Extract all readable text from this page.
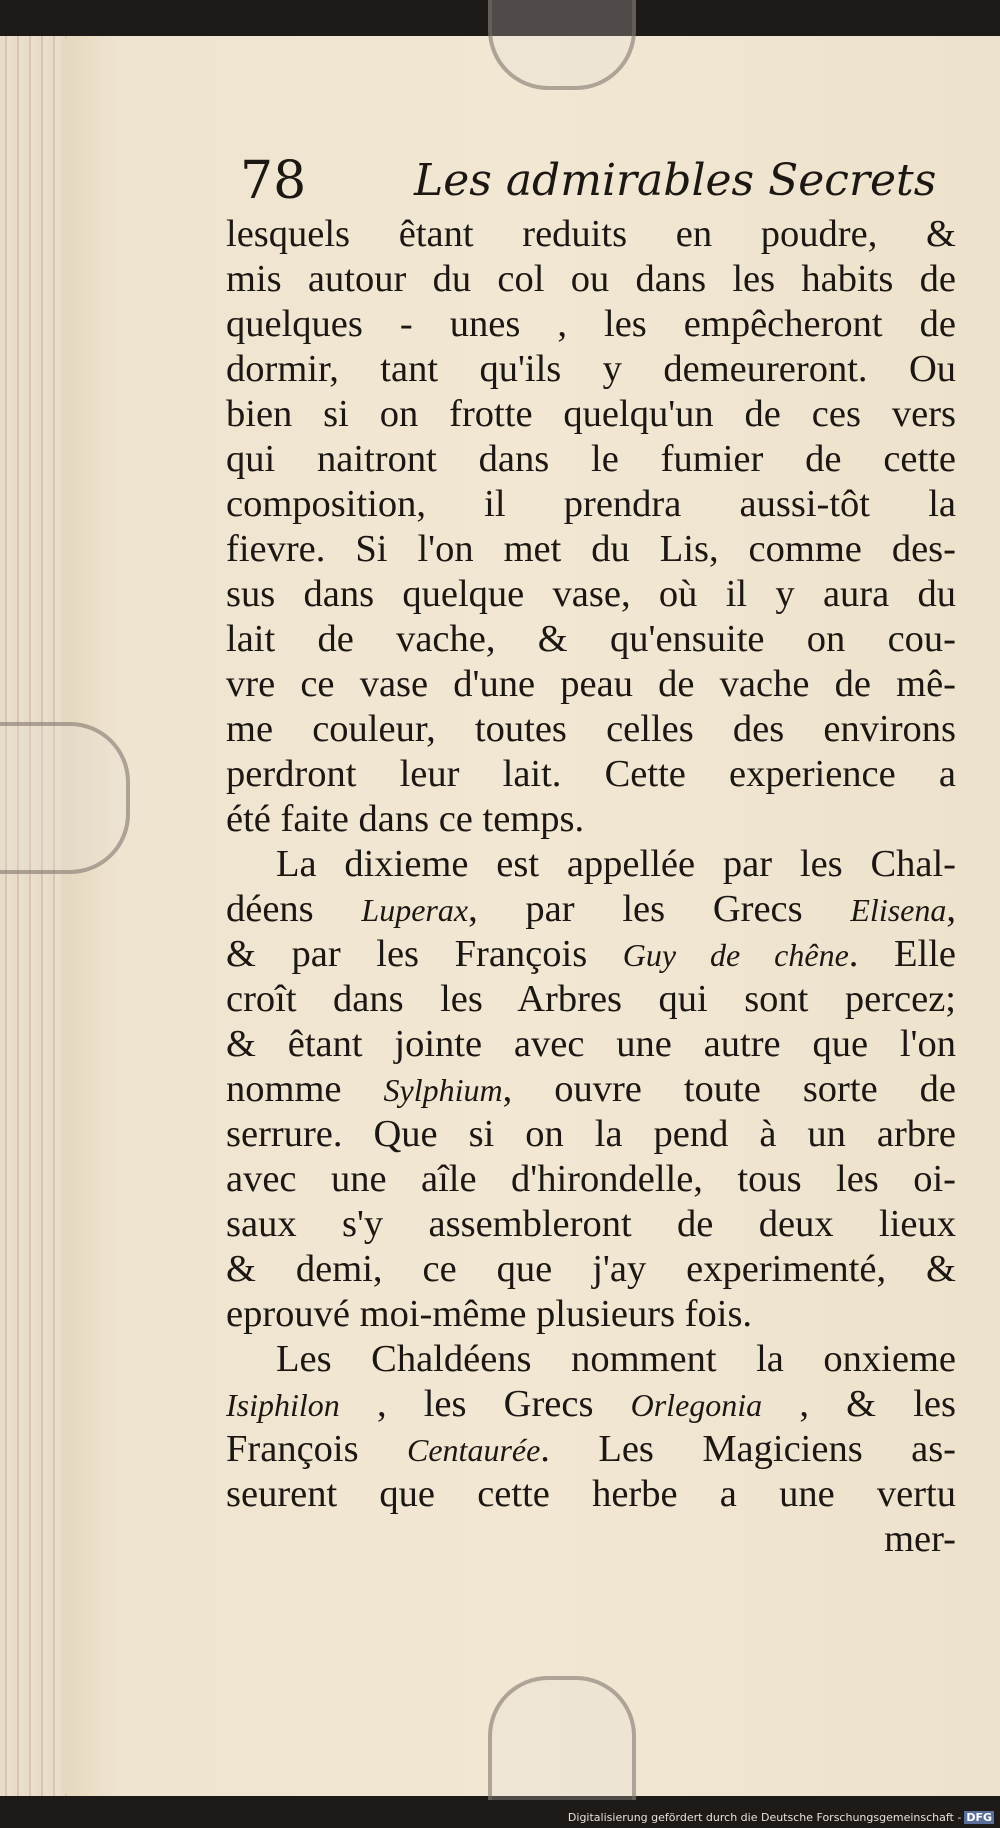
78 Les admirables Secrets
lesquels êtant reduits en poudre, &
mis autour du col ou dans les habits de
quelques - unes , les empêcheront de
dormir, tant qu'ils y demeureront. Ou
bien si on frotte quelqu'un de ces vers
qui naitront dans le fumier de cette
composition, il prendra aussi-tôt la
fievre. Si l'on met du Lis, comme des-
sus dans quelque vase, où il y aura du
lait de vache, & qu'ensuite on cou-
vre ce vase d'une peau de vache de mê-
me couleur, toutes celles des environs
perdront leur lait. Cette experience a
été faite dans ce temps.
La dixieme est appellée par les Chal-
déens Luperax, par les Grecs Elisena,
& par les François Guy de chêne. Elle
croît dans les Arbres qui sont percez;
& êtant jointe avec une autre que l'on
nomme Sylphium, ouvre toute sorte de
serrure. Que si on la pend à un arbre
avec une aîle d'hirondelle, tous les oi-
saux s'y assembleront de deux lieux
& demi, ce que j'ay experimenté, &
eprouvé moi-même plusieurs fois.
Les Chaldéens nomment la onxieme
Isiphilon , les Grecs Orlegonia , & les
François Centaurée. Les Magiciens as-
seurent que cette herbe a une vertu
mer-
Digitalisierung gefördert durch die Deutsche Forschungsgemeinschaft - DFG
